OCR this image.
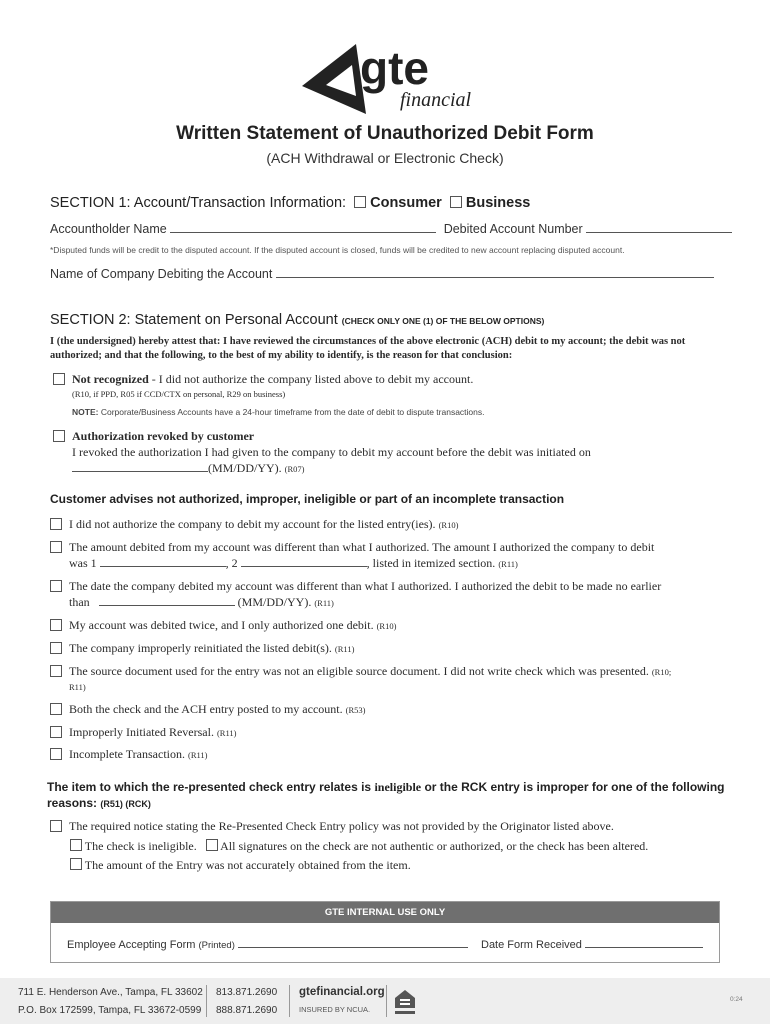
gte
financial
Written Statement of Unauthorized Debit Form
(ACH Withdrawal or Electronic Check)
SECTION 1: Account/Transaction Information: Consumer Business
Accountholder Name	Debited Account Number
*Disputed funds will be credit to the disputed account. If the disputed account is closed, funds will be credited to new account replacing disputed account.
Name of Company Debiting the Account
SECTION 2: Statement on Personal Account (CHECK ONLY ONE (1) OF THE BELOW OPTIONS)
I (the undersigned) hereby attest that: I have reviewed the circumstances of the above electronic (ACH) debit to my account; the debit was not authorized; and that the following, to the best of my ability to identify, is the reason for that conclusion:
Not recognized - I did not authorize the company listed above to debit my account.
(R10, if PPD, R05 if CCD/CTX on personal, R29 on business)
NOTE: Corporate/Business Accounts have a 24-hour timeframe from the date of debit to dispute transactions.
Authorization revoked by customer
I revoked the authorization I had given to the company to debit my account before the debit was initiated on
(MM/DD/YY). (R07)
Customer advises not authorized, improper, ineligible or part of an incomplete transaction
I did not authorize the company to debit my account for the listed entry(ies). (R10)
The amount debited from my account was different than what I authorized. The amount I authorized the company to debit
was 1	, 2	, listed in itemized section. (R11)
The date the company debited my account was different than what I authorized. I authorized the debit to be made no earlier
than	(MM/DD/YY). (R11)
My account was debited twice, and I only authorized one debit. (R10)
The company improperly reinitiated the listed debit(s). (R11)
The source document used for the entry was not an eligible source document. I did not write check which was presented. (R10;
R11)
Both the check and the ACH entry posted to my account. (R53)
Improperly Initiated Reversal. (R11)
Incomplete Transaction. (R11)
The item to which the re-presented check entry relates is ineligible or the RCK entry is improper for one of the following
reasons: (R51) (RCK)
The required notice stating the Re-Presented Check Entry policy was not provided by the Originator listed above.
The check is ineligible. All signatures on the check are not authentic or authorized, or the check has been altered.
The amount of the Entry was not accurately obtained from the item.
GTE INTERNAL USE ONLY
Employee Accepting Form (Printed)	Date Form Received
711 E. Henderson Ave., Tampa, FL 33602
P.O. Box 172599, Tampa, FL 33672-0599
813.871.2690
888.871.2690
gtefinancial.org
INSURED BY NCUA.
0:24
